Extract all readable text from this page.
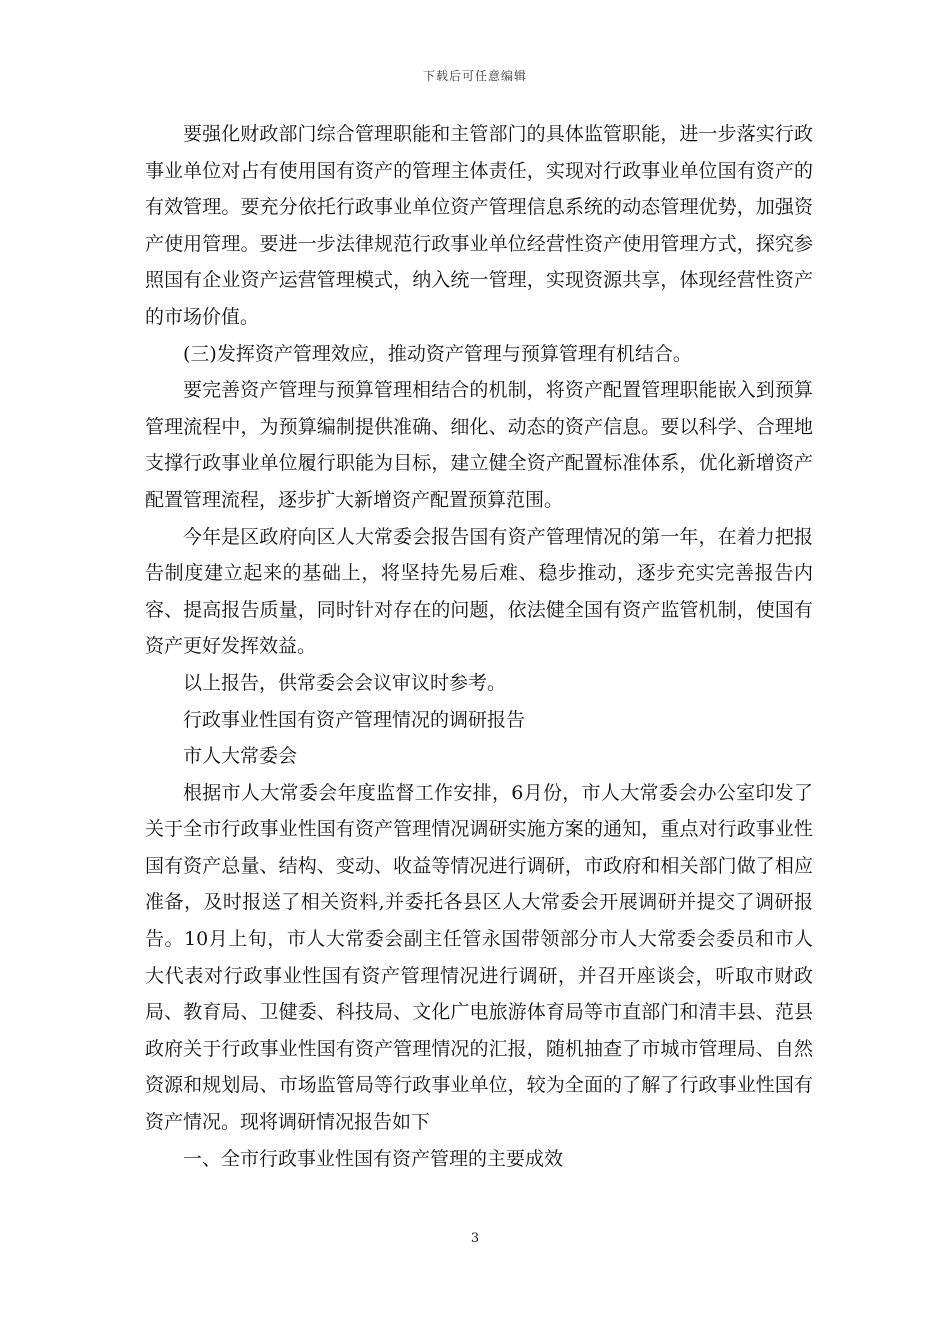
下载后可任意编辑

要强化财政部门综合管理职能和主管部门的具体监管职能，进一步落实行政事业单位对占有使用国有资产的管理主体责任，实现对行政事业单位国有资产的有效管理。要充分依托行政事业单位资产管理信息系统的动态管理优势，加强资产使用管理。要进一步法律规范行政事业单位经营性资产使用管理方式，探究参照国有企业资产运营管理模式，纳入统一管理，实现资源共享，体现经营性资产的市场价值。

(三)发挥资产管理效应，推动资产管理与预算管理有机结合。

要完善资产管理与预算管理相结合的机制，将资产配置管理职能嵌入到预算管理流程中，为预算编制提供准确、细化、动态的资产信息。要以科学、合理地支撑行政事业单位履行职能为目标，建立健全资产配置标准体系，优化新增资产配置管理流程，逐步扩大新增资产配置预算范围。

今年是区政府向区人大常委会报告国有资产管理情况的第一年，在着力把报告制度建立起来的基础上，将坚持先易后难、稳步推动，逐步充实完善报告内容、提高报告质量，同时针对存在的问题，依法健全国有资产监管机制，使国有资产更好发挥效益。

以上报告，供常委会会议审议时参考。

行政事业性国有资产管理情况的调研报告

市人大常委会

根据市人大常委会年度监督工作安排，6月份，市人大常委会办公室印发了关于全市行政事业性国有资产管理情况调研实施方案的通知，重点对行政事业性国有资产总量、结构、变动、收益等情况进行调研，市政府和相关部门做了相应准备，及时报送了相关资料,并委托各县区人大常委会开展调研并提交了调研报告。10月上旬，市人大常委会副主任管永国带领部分市人大常委会委员和市人大代表对行政事业性国有资产管理情况进行调研，并召开座谈会，听取市财政局、教育局、卫健委、科技局、文化广电旅游体育局等市直部门和清丰县、范县政府关于行政事业性国有资产管理情况的汇报，随机抽查了市城市管理局、自然资源和规划局、市场监管局等行政事业单位，较为全面的了解了行政事业性国有资产情况。现将调研情况报告如下

一、全市行政事业性国有资产管理的主要成效

3
